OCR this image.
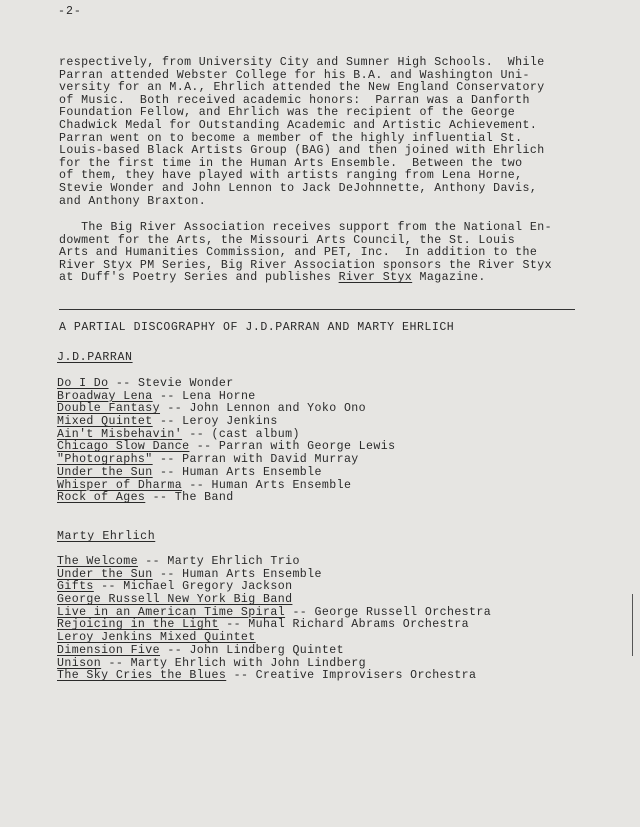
-2-

respectively, from University City and Sumner High Schools.  While
Parran attended Webster College for his B.A. and Washington Uni-
versity for an M.A., Ehrlich attended the New England Conservatory
of Music.  Both received academic honors:  Parran was a Danforth
Foundation Fellow, and Ehrlich was the recipient of the George
Chadwick Medal for Outstanding Academic and Artistic Achievement.
Parran went on to become a member of the highly influential St.
Louis-based Black Artists Group (BAG) and then joined with Ehrlich
for the first time in the Human Arts Ensemble.  Between the two
of them, they have played with artists ranging from Lena Horne,
Stevie Wonder and John Lennon to Jack DeJohnnette, Anthony Davis,
and Anthony Braxton.

The Big River Association receives support from the National En-
dowment for the Arts, the Missouri Arts Council, the St. Louis
Arts and Humanities Commission, and PET, Inc.  In addition to the
River Styx PM Series, Big River Association sponsors the River Styx
at Duff's Poetry Series and publishes River Styx Magazine.

A PARTIAL DISCOGRAPHY OF J.D.PARRAN AND MARTY EHRLICH
J.D.PARRAN
Do I Do -- Stevie Wonder
Broadway Lena -- Lena Horne
Double Fantasy -- John Lennon and Yoko Ono
Mixed Quintet -- Leroy Jenkins
Ain't Misbehavin' -- (cast album)
Chicago Slow Dance -- Parran with George Lewis
"Photographs" -- Parran with David Murray
Under the Sun -- Human Arts Ensemble
Whisper of Dharma -- Human Arts Ensemble
Rock of Ages -- The Band
Marty Ehrlich
The Welcome -- Marty Ehrlich Trio
Under the Sun -- Human Arts Ensemble
Gifts -- Michael Gregory Jackson
George Russell New York Big Band
Live in an American Time Spiral -- George Russell Orchestra
Rejoicing in the Light -- Muhal Richard Abrams Orchestra
Leroy Jenkins Mixed Quintet
Dimension Five -- John Lindberg Quintet
Unison -- Marty Ehrlich with John Lindberg
The Sky Cries the Blues -- Creative Improvisers Orchestra
